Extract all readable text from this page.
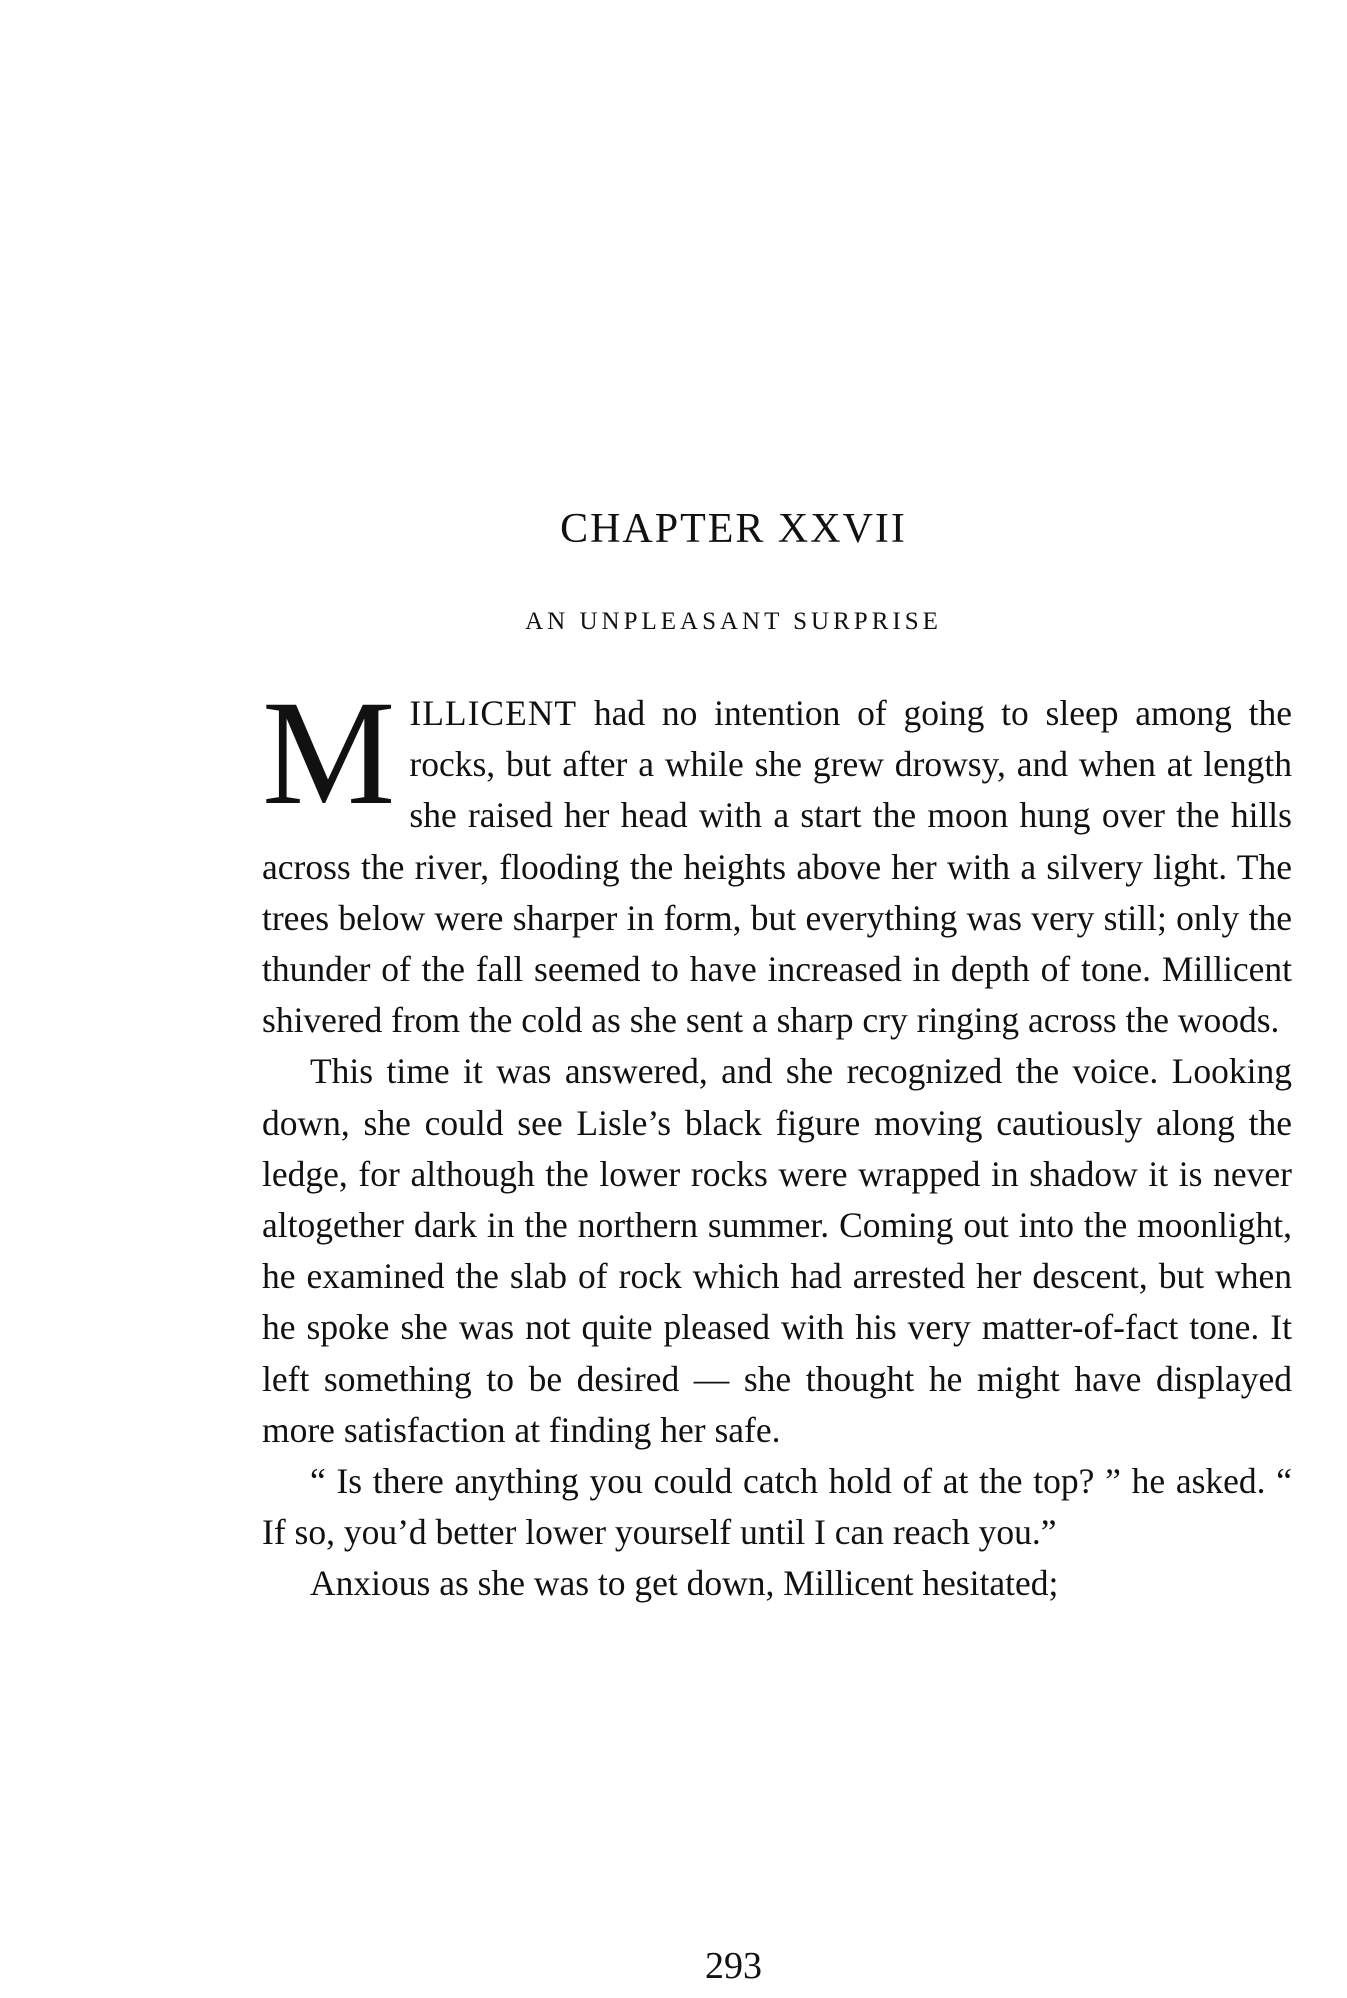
CHAPTER XXVII
AN UNPLEASANT SURPRISE

MILLICENT had no intention of going to sleep among the rocks, but after a while she grew drowsy, and when at length she raised her head with a start the moon hung over the hills across the river, flooding the heights above her with a silvery light. The trees below were sharper in form, but everything was very still; only the thunder of the fall seemed to have increased in depth of tone. Millicent shivered from the cold as she sent a sharp cry ringing across the woods.

This time it was answered, and she recognized the voice. Looking down, she could see Lisle’s black figure moving cautiously along the ledge, for although the lower rocks were wrapped in shadow it is never altogether dark in the northern summer. Coming out into the moonlight, he examined the slab of rock which had arrested her descent, but when he spoke she was not quite pleased with his very matter-of-fact tone. It left something to be desired — she thought he might have displayed more satisfaction at finding her safe.

“ Is there anything you could catch hold of at the top? ” he asked. “ If so, you’d better lower yourself until I can reach you.”

Anxious as she was to get down, Millicent hesitated;

293
